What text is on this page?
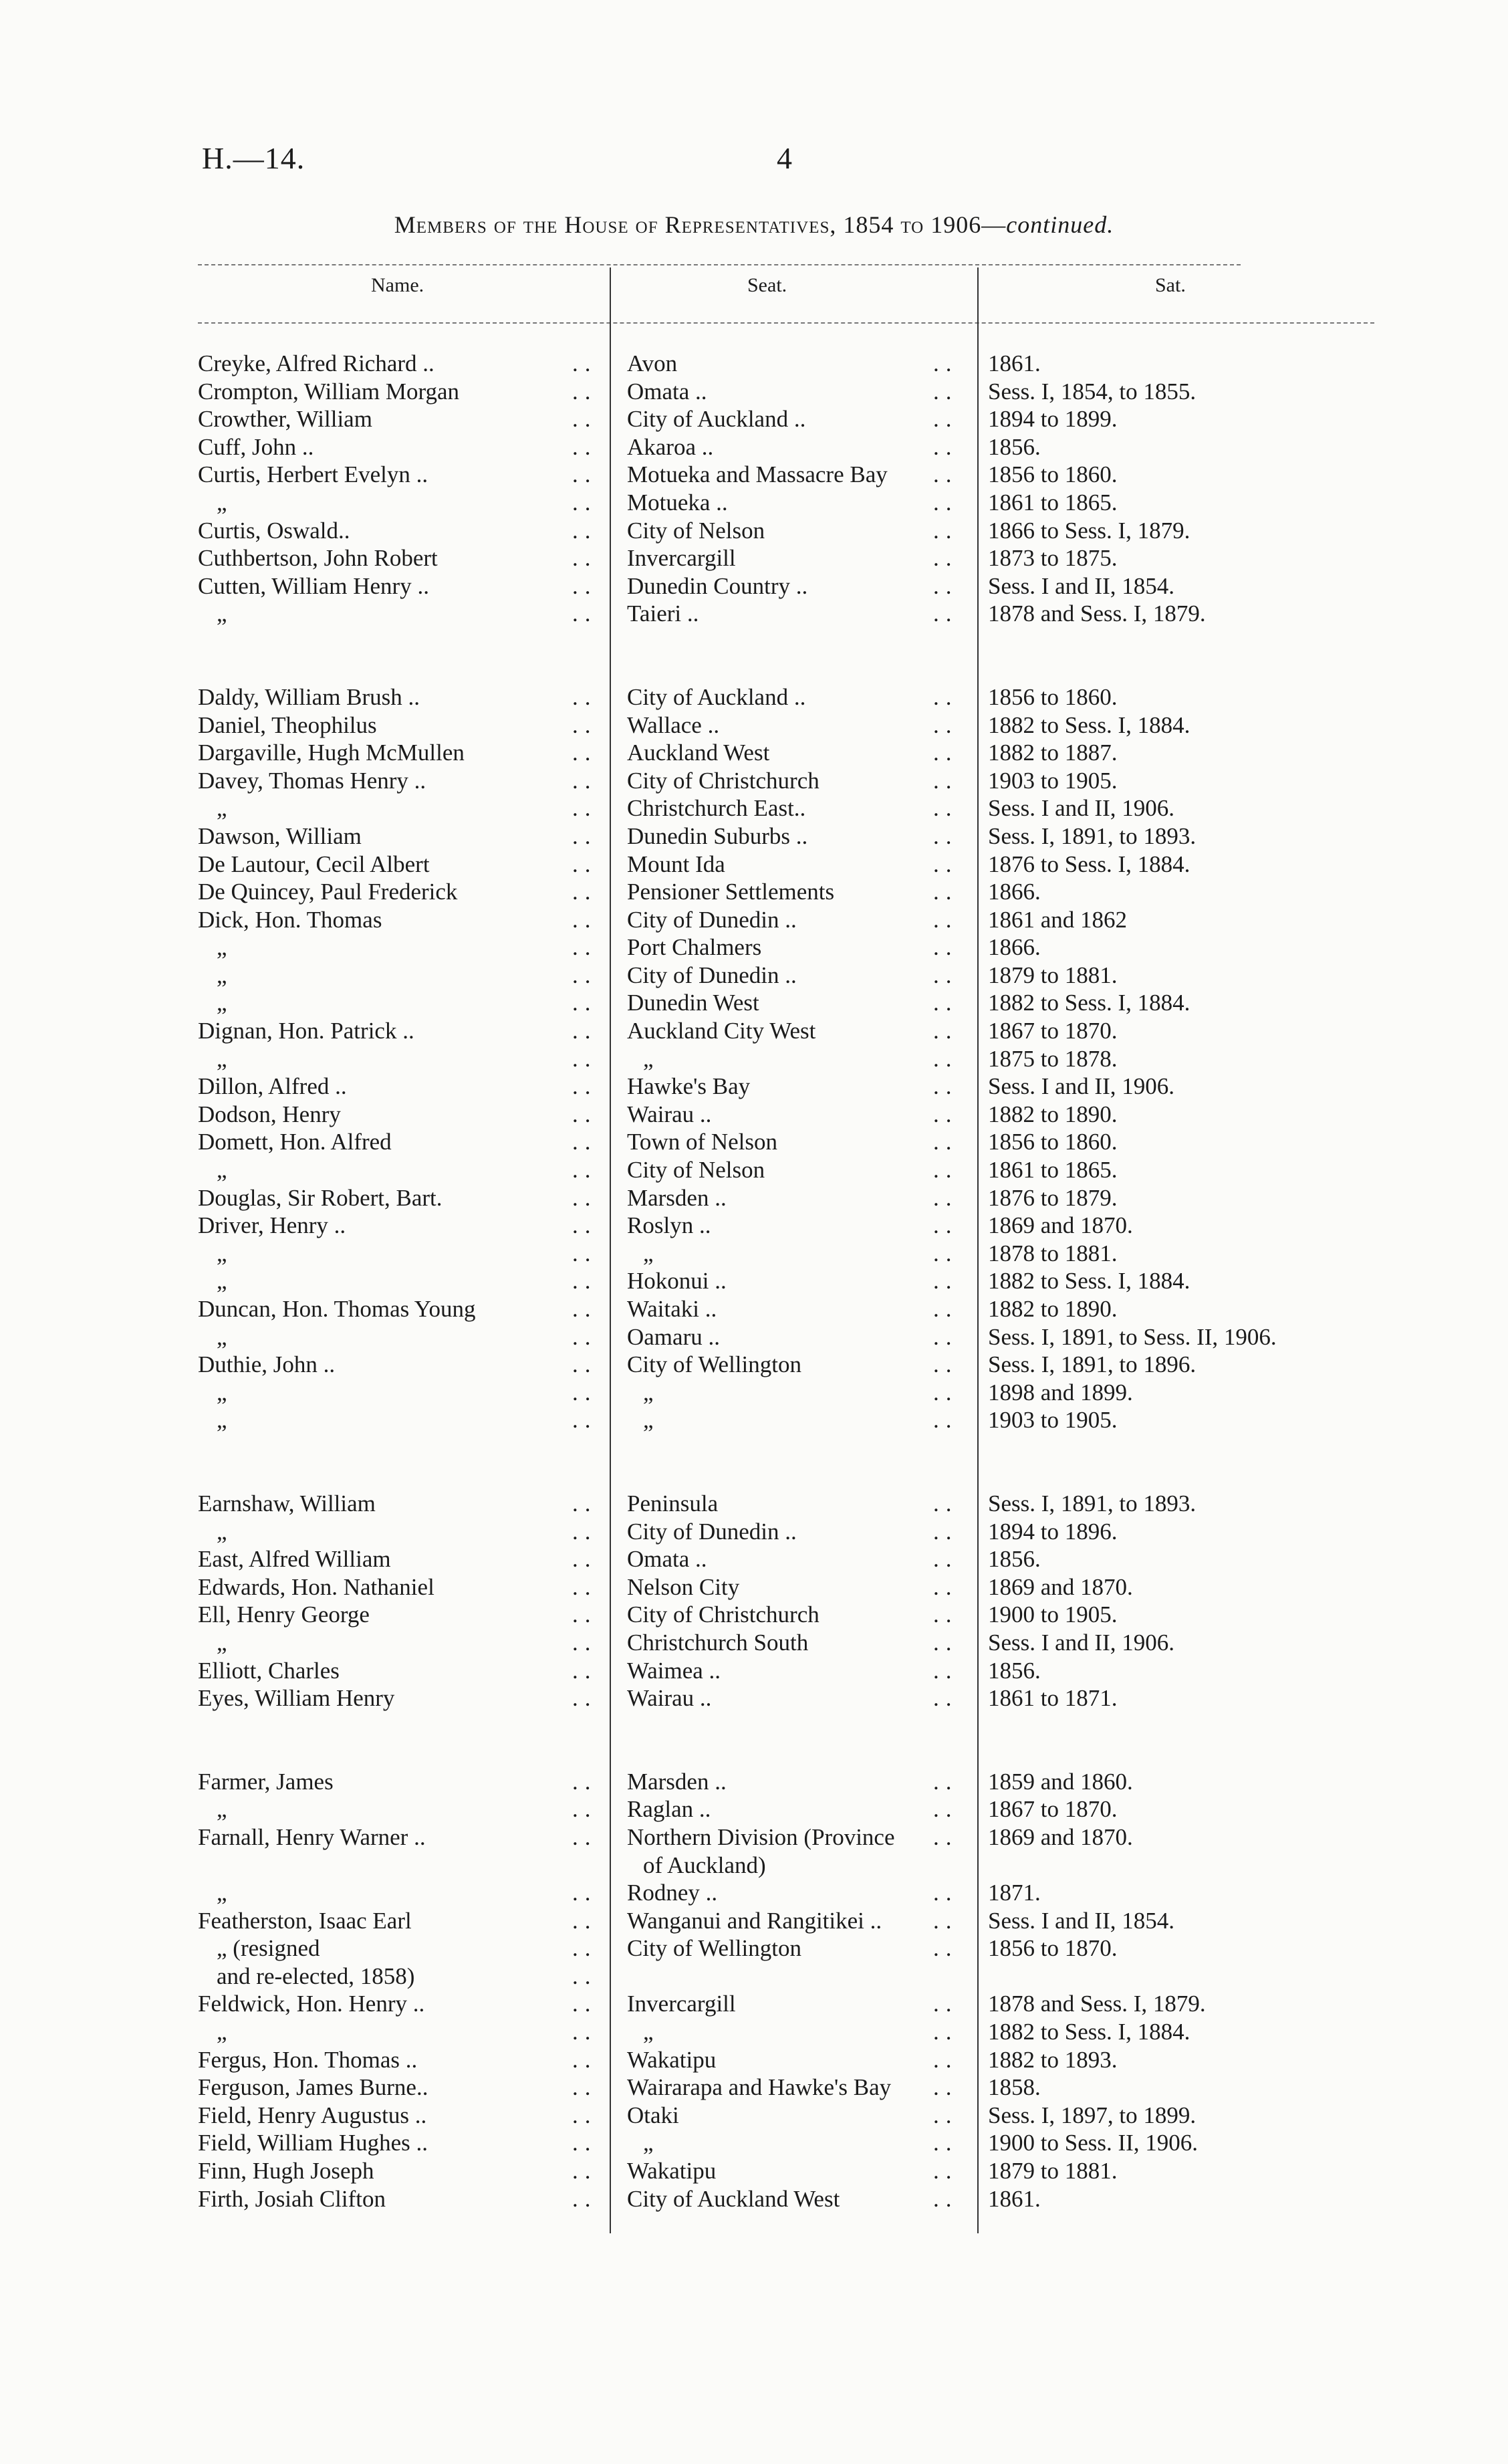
H.—14.	4
Members of the House of Representatives, 1854 to 1906—continued.
Name.	Seat.	Sat.
Creyke, Alfred Richard ..	.. Avon	.. 1861.
Crompton, William Morgan	.. Omata ..	.. Sess. I, 1854, to 1855.
Crowther, William	.. City of Auckland ..	.. 1894 to 1899.
Cuff, John ..	.. Akaroa ..	.. 1856.
Curtis, Herbert Evelyn ..	.. Motueka and Massacre Bay .. 1856 to 1860.
„	.. Motueka ..	.. 1861 to 1865.
Curtis, Oswald..	.. City of Nelson	.. 1866 to Sess. I, 1879.
Cuthbertson, John Robert	.. Invercargill	.. 1873 to 1875.
Cutten, William Henry ..	.. Dunedin Country ..	.. Sess. I and II, 1854.
„	.. Taieri ..	.. 1878 and Sess. I, 1879.
Daldy, William Brush ..	.. City of Auckland ..	.. 1856 to 1860.
Daniel, Theophilus	.. Wallace ..	.. 1882 to Sess. I, 1884.
Dargaville, Hugh McMullen	.. Auckland West	.. 1882 to 1887.
Davey, Thomas Henry ..	.. City of Christchurch	.. 1903 to 1905.
„	.. Christchurch East..	.. Sess. I and II, 1906.
Dawson, William	.. Dunedin Suburbs ..	.. Sess. I, 1891, to 1893.
De Lautour, Cecil Albert	.. Mount Ida	.. 1876 to Sess. I, 1884.
De Quincey, Paul Frederick	.. Pensioner Settlements	.. 1866.
Dick, Hon. Thomas	.. City of Dunedin ..	.. 1861 and 1862
„	.. Port Chalmers	.. 1866.
„	.. City of Dunedin ..	.. 1879 to 1881.
„	.. Dunedin West	.. 1882 to Sess. I, 1884.
Dignan, Hon. Patrick ..	.. Auckland City West	.. 1867 to 1870.
„	.. „	.. 1875 to 1878.
Dillon, Alfred ..	.. Hawke's Bay	.. Sess. I and II, 1906.
Dodson, Henry	.. Wairau ..	.. 1882 to 1890.
Domett, Hon. Alfred	.. Town of Nelson	.. 1856 to 1860.
„	.. City of Nelson	.. 1861 to 1865.
Douglas, Sir Robert, Bart.	.. Marsden ..	.. 1876 to 1879.
Driver, Henry ..	.. Roslyn ..	.. 1869 and 1870.
„	.. „	.. 1878 to 1881.
„	.. Hokonui ..	.. 1882 to Sess. I, 1884.
Duncan, Hon. Thomas Young	.. Waitaki ..	.. 1882 to 1890.
„	.. Oamaru ..	.. Sess. I, 1891, to Sess. II, 1906.
Duthie, John ..	.. City of Wellington	.. Sess. I, 1891, to 1896.
„	.. „	.. 1898 and 1899.
„	.. „	.. 1903 to 1905.
Earnshaw, William	.. Peninsula	.. Sess. I, 1891, to 1893.
„	.. City of Dunedin ..	.. 1894 to 1896.
East, Alfred William	.. Omata ..	.. 1856.
Edwards, Hon. Nathaniel	.. Nelson City	.. 1869 and 1870.
Ell, Henry George	.. City of Christchurch	.. 1900 to 1905.
„	.. Christchurch South	.. Sess. I and II, 1906.
Elliott, Charles	.. Waimea ..	.. 1856.
Eyes, William Henry	.. Wairau ..	.. 1861 to 1871.
Farmer, James	.. Marsden ..	.. 1859 and 1860.
„	.. Raglan ..	.. 1867 to 1870.
Farnall, Henry Warner ..	.. Northern Division (Province .. 1869 and 1870.
of Auckland)
„	.. Rodney ..	.. 1871.
Featherston, Isaac Earl	.. Wanganui and Rangitikei .. .. Sess. I and II, 1854.
„ (resigned	.. City of Wellington	.. 1856 to 1870.
and re-elected, 1858)	..
Feldwick, Hon. Henry ..	.. Invercargill	.. 1878 and Sess. I, 1879.
„	.. „	.. 1882 to Sess. I, 1884.
Fergus, Hon. Thomas ..	.. Wakatipu	.. 1882 to 1893.
Ferguson, James Burne..	.. Wairarapa and Hawke's Bay .. 1858.
Field, Henry Augustus ..	.. Otaki	.. Sess. I, 1897, to 1899.
Field, William Hughes ..	.. „	.. 1900 to Sess. II, 1906.
Finn, Hugh Joseph	.. Wakatipu	.. 1879 to 1881.
Firth, Josiah Clifton	.. City of Auckland West	.. 1861.
